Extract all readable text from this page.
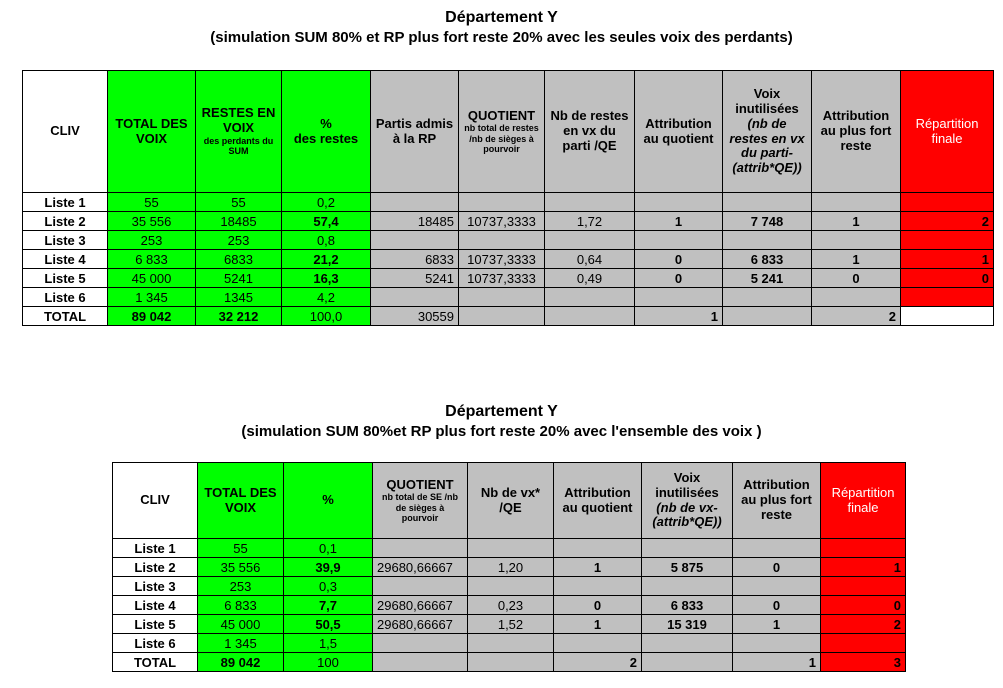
Département Y
(simulation SUM 80% et RP plus fort reste 20% avec les seules voix des perdants)
CLIV	TOTAL DES VOIX	RESTES EN VOIX
des perdants du SUM	%
des restes	Partis admis à la RP	QUOTIENT
nb total de restes /nb de sièges à pourvoir	Nb de restes en vx du parti /QE	Attribution au quotient	Voix inutilisées (nb de restes en vx du parti-(attrib*QE))	Attribution au plus fort reste	Répartition finale
Liste 1	55	55	0,2							
Liste 2	35 556	18485	57,4	18485	10737,3333	1,72	1	7 748	1	2
Liste 3	253	253	0,8							
Liste 4	6 833	6833	21,2	6833	10737,3333	0,64	0	6 833	1	1
Liste 5	45 000	5241	16,3	5241	10737,3333	0,49	0	5 241	0	0
Liste 6	1 345	1345	4,2							
TOTAL	89 042	32 212	100,0	30559			1		2	
Département Y
(simulation SUM 80%et RP plus fort reste 20% avec l'ensemble des voix )
CLIV	TOTAL DES VOIX	%	QUOTIENT
nb total de SE /nb de sièges à pourvoir	Nb de vx* /QE	Attribution au quotient	Voix inutilisées (nb de vx-(attrib*QE))	Attribution au plus fort reste	Répartition finale
Liste 1	55	0,1						
Liste 2	35 556	39,9	29680,66667	1,20	1	5 875	0	1
Liste 3	253	0,3						
Liste 4	6 833	7,7	29680,66667	0,23	0	6 833	0	0
Liste 5	45 000	50,5	29680,66667	1,52	1	15 319	1	2
Liste 6	1 345	1,5						
TOTAL	89 042	100			2		1	3
